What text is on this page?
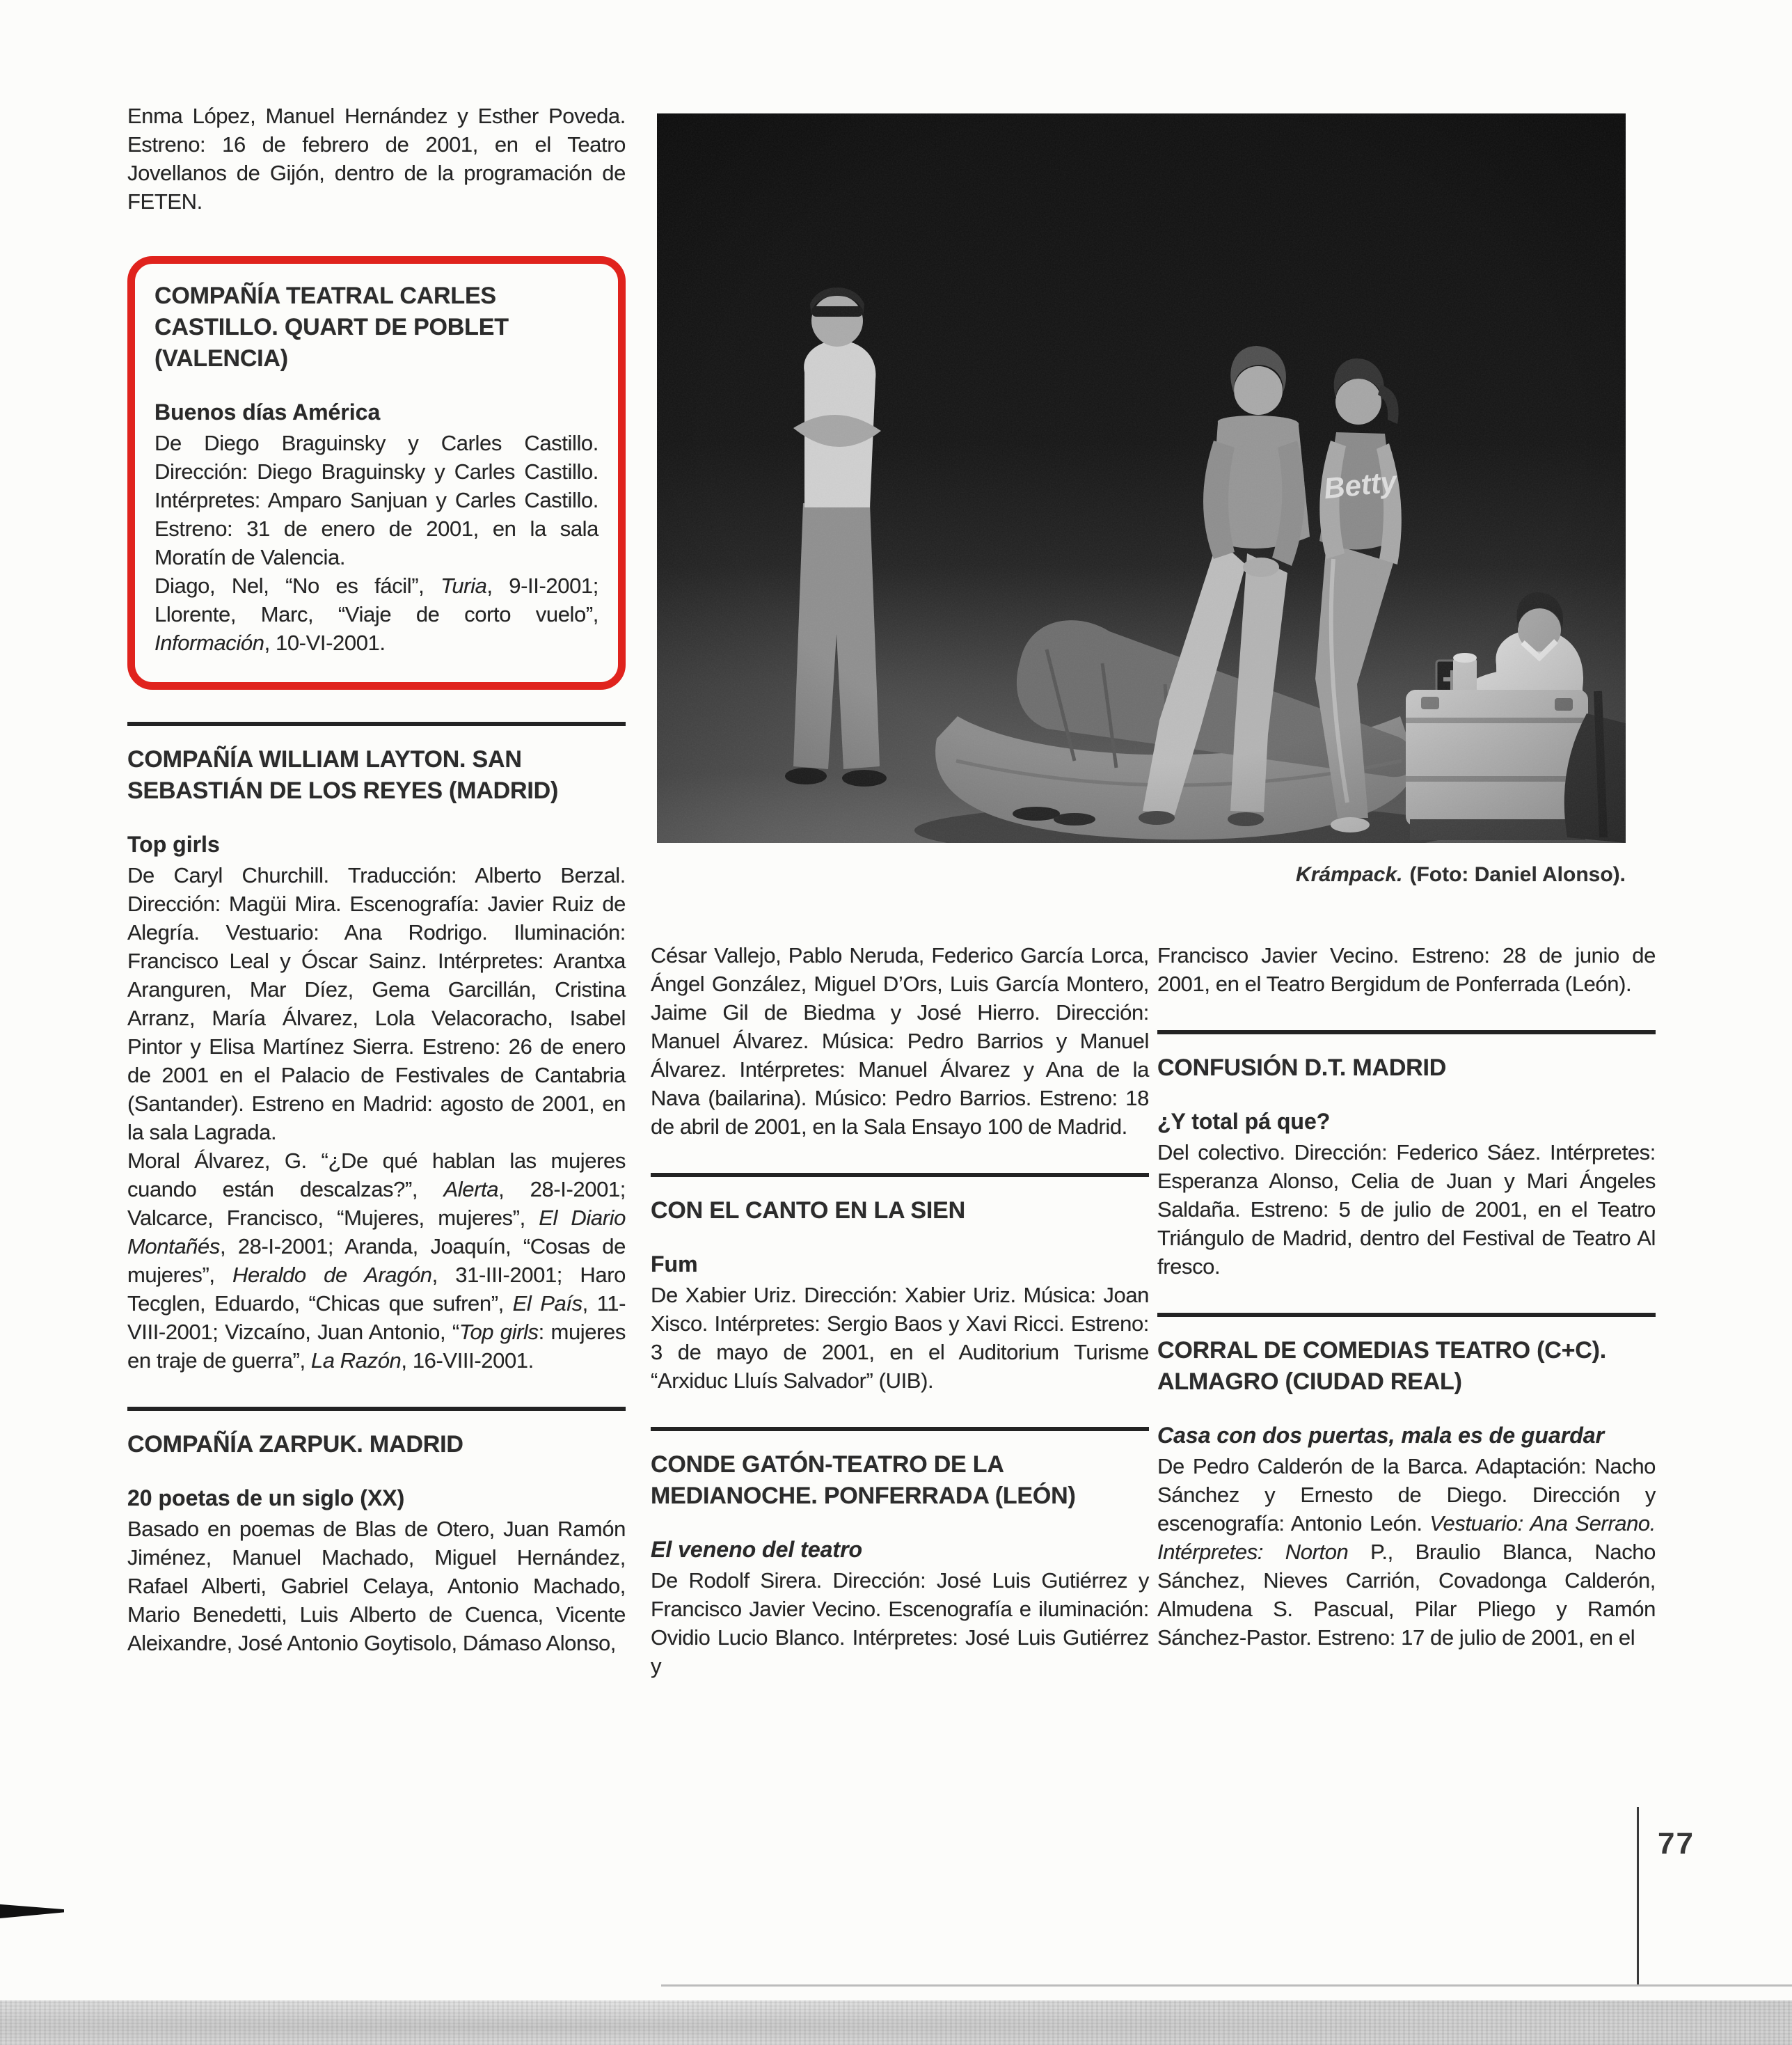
Enma López, Manuel Hernández y Esther Poveda. Estreno: 16 de febrero de 2001, en el Teatro Jovellanos de Gijón, dentro de la programación de FETEN.
COMPAÑÍA TEATRAL CARLES CASTILLO. QUART DE POBLET (VALENCIA)
Buenos días América
De Diego Braguinsky y Carles Castillo. Dirección: Diego Braguinsky y Carles Castillo. Intérpretes: Amparo Sanjuan y Carles Castillo. Estreno: 31 de enero de 2001, en la sala Moratín de Valencia.
Diago, Nel, “No es fácil”, Turia, 9-II-2001; Llorente, Marc, “Viaje de corto vuelo”, Información, 10-VI-2001.
COMPAÑÍA WILLIAM LAYTON. SAN SEBASTIÁN DE LOS REYES (MADRID)
Top girls
De Caryl Churchill. Traducción: Alberto Berzal. Dirección: Magüi Mira. Escenografía: Javier Ruiz de Alegría. Vestuario: Ana Rodrigo. Iluminación: Francisco Leal y Óscar Sainz. Intérpretes: Arantxa Aranguren, Mar Díez, Gema Garcillán, Cristina Arranz, María Álvarez, Lola Velacoracho, Isabel Pintor y Elisa Martínez Sierra. Estreno: 26 de enero de 2001 en el Palacio de Festivales de Cantabria (Santander). Estreno en Madrid: agosto de 2001, en la sala Lagrada.
Moral Álvarez, G. “¿De qué hablan las mujeres cuando están descalzas?”, Alerta, 28-I-2001; Valcarce, Francisco, “Mujeres, mujeres”, El Diario Montañés, 28-I-2001; Aranda, Joaquín, “Cosas de mujeres”, Heraldo de Aragón, 31-III-2001; Haro Tecglen, Eduardo, “Chicas que sufren”, El País, 11-VIII-2001; Vizcaíno, Juan Antonio, “Top girls: mujeres en traje de guerra”, La Razón, 16-VIII-2001.
COMPAÑÍA ZARPUK. MADRID
20 poetas de un siglo (XX)
Basado en poemas de Blas de Otero, Juan Ramón Jiménez, Manuel Machado, Miguel Hernández, Rafael Alberti, Gabriel Celaya, Antonio Machado, Mario Benedetti, Luis Alberto de Cuenca, Vicente Aleixandre, José Antonio Goytisolo, Dámaso Alonso,
Krámpack. (Foto: Daniel Alonso).
César Vallejo, Pablo Neruda, Federico García Lorca, Ángel González, Miguel D’Ors, Luis García Montero, Jaime Gil de Biedma y José Hierro. Dirección: Manuel Álvarez. Música: Pedro Barrios y Manuel Álvarez. Intérpretes: Manuel Álvarez y Ana de la Nava (bailarina). Músico: Pedro Barrios. Estreno: 18 de abril de 2001, en la Sala Ensayo 100 de Madrid.
CON EL CANTO EN LA SIEN
Fum
De Xabier Uriz. Dirección: Xabier Uriz. Música: Joan Xisco. Intérpretes: Sergio Baos y Xavi Ricci. Estreno: 3 de mayo de 2001, en el Auditorium Turisme “Arxiduc Lluís Salvador” (UIB).
CONDE GATÓN-TEATRO DE LA MEDIANOCHE. PONFERRADA (LEÓN)
El veneno del teatro
De Rodolf Sirera. Dirección: José Luis Gutiérrez y Francisco Javier Vecino. Escenografía e iluminación: Ovidio Lucio Blanco. Intérpretes: José Luis Gutiérrez y
Francisco Javier Vecino. Estreno: 28 de junio de 2001, en el Teatro Bergidum de Ponferrada (León).
CONFUSIÓN D.T. MADRID
¿Y total pá que?
Del colectivo. Dirección: Federico Sáez. Intérpretes: Esperanza Alonso, Celia de Juan y Mari Ángeles Saldaña. Estreno: 5 de julio de 2001, en el Teatro Triángulo de Madrid, dentro del Festival de Teatro Al fresco.
CORRAL DE COMEDIAS TEATRO (C+C). ALMAGRO (CIUDAD REAL)
Casa con dos puertas, mala es de guardar
De Pedro Calderón de la Barca. Adaptación: Nacho Sánchez y Ernesto de Diego. Dirección y escenografía: Antonio León. Vestuario: Ana Serrano. Intérpretes: Norton P., Braulio Blanca, Nacho Sánchez, Nieves Carrión, Covadonga Calderón, Almudena S. Pascual, Pilar Pliego y Ramón Sánchez-Pastor. Estreno: 17 de julio de 2001, en el
77
